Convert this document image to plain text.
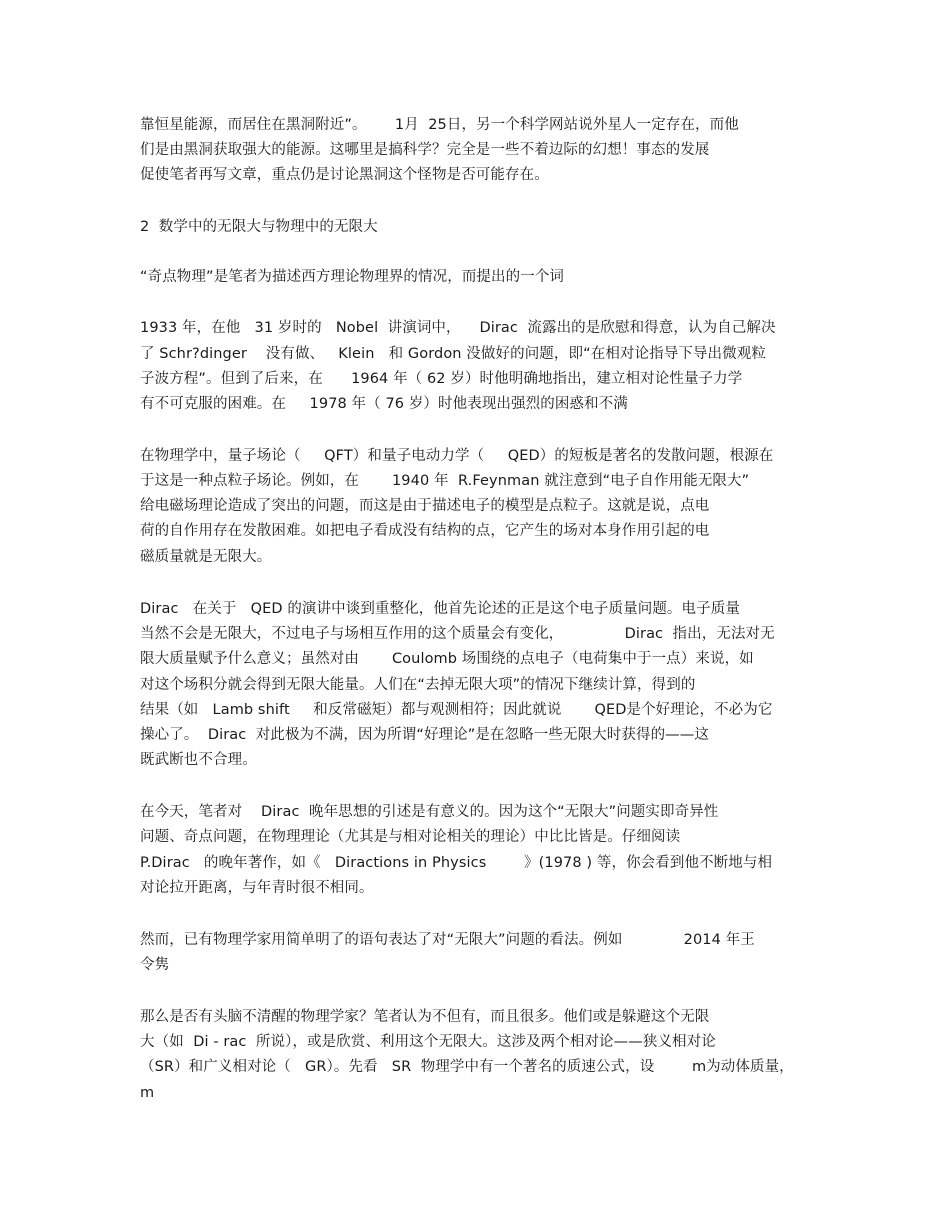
靠恒星能源，而居住在黑洞附近”。      1月  25日，另一个科学网站说外星人一定存在，而他
们是由黑洞获取强大的能源。这哪里是搞科学？完全是一些不着边际的幻想！事态的发展
促使笔者再写文章，重点仍是讨论黑洞这个怪物是否可能存在。
2  数学中的无限大与物理中的无限大
“奇点物理”是笔者为描述西方理论物理界的情况，而提出的一个词
1933 年，在他   31 岁时的   Nobel  讲演词中，    Dirac  流露出的是欣慰和得意，认为自己解决
了 Schr?dinger    没有做、   Klein   和 Gordon 没做好的问题，即“在相对论指导下导出微观粒
子波方程”。但到了后来，在      1964 年（ 62 岁）时他明确地指出，建立相对论性量子力学
有不可克服的困难。在     1978 年（ 76 岁）时他表现出强烈的困惑和不满
在物理学中，量子场论（     QFT）和量子电动力学（     QED）的短板是著名的发散问题，根源在
于这是一种点粒子场论。例如，在       1940 年  R.Feynman 就注意到“电子自作用能无限大”
给电磁场理论造成了突出的问题，而这是由于描述电子的模型是点粒子。这就是说，点电
荷的自作用存在发散困难。如把电子看成没有结构的点，它产生的场对本身作用引起的电
磁质量就是无限大。
Dirac   在关于   QED 的演讲中谈到重整化，他首先论述的正是这个电子质量问题。电子质量
当然不会是无限大，不过电子与场相互作用的这个质量会有变化，             Dirac  指出，无法对无
限大质量赋予什么意义；虽然对由       Coulomb 场围绕的点电子（电荷集中于一点）来说，如
对这个场积分就会得到无限大能量。人们在“去掉无限大项”的情况下继续计算，得到的
结果（如   Lamb shift     和反常磁矩）都与观测相符；因此就说       QED是个好理论，不必为它
操心了。  Dirac  对此极为不满，因为所谓“好理论”是在忽略一些无限大时获得的——这
既武断也不合理。
在今天，笔者对    Dirac  晚年思想的引述是有意义的。因为这个“无限大”问题实即奇异性
问题、奇点问题，在物理理论（尤其是与相对论相关的理论）中比比皆是。仔细阅读
P.Dirac   的晚年著作，如《   Diractions in Physics        》(1978 ) 等，你会看到他不断地与相
对论拉开距离，与年青时很不相同。
然而，已有物理学家用简单明了的语句表达了对“无限大”问题的看法。例如             2014 年王
令隽
那么是否有头脑不清醒的物理学家？笔者认为不但有，而且很多。他们或是躲避这个无限
大（如  Di - rac  所说），或是欣赏、利用这个无限大。这涉及两个相对论——狭义相对论
（SR）和广义相对论（   GR）。先看   SR  物理学中有一个著名的质速公式，设        m为动体质量，
m
